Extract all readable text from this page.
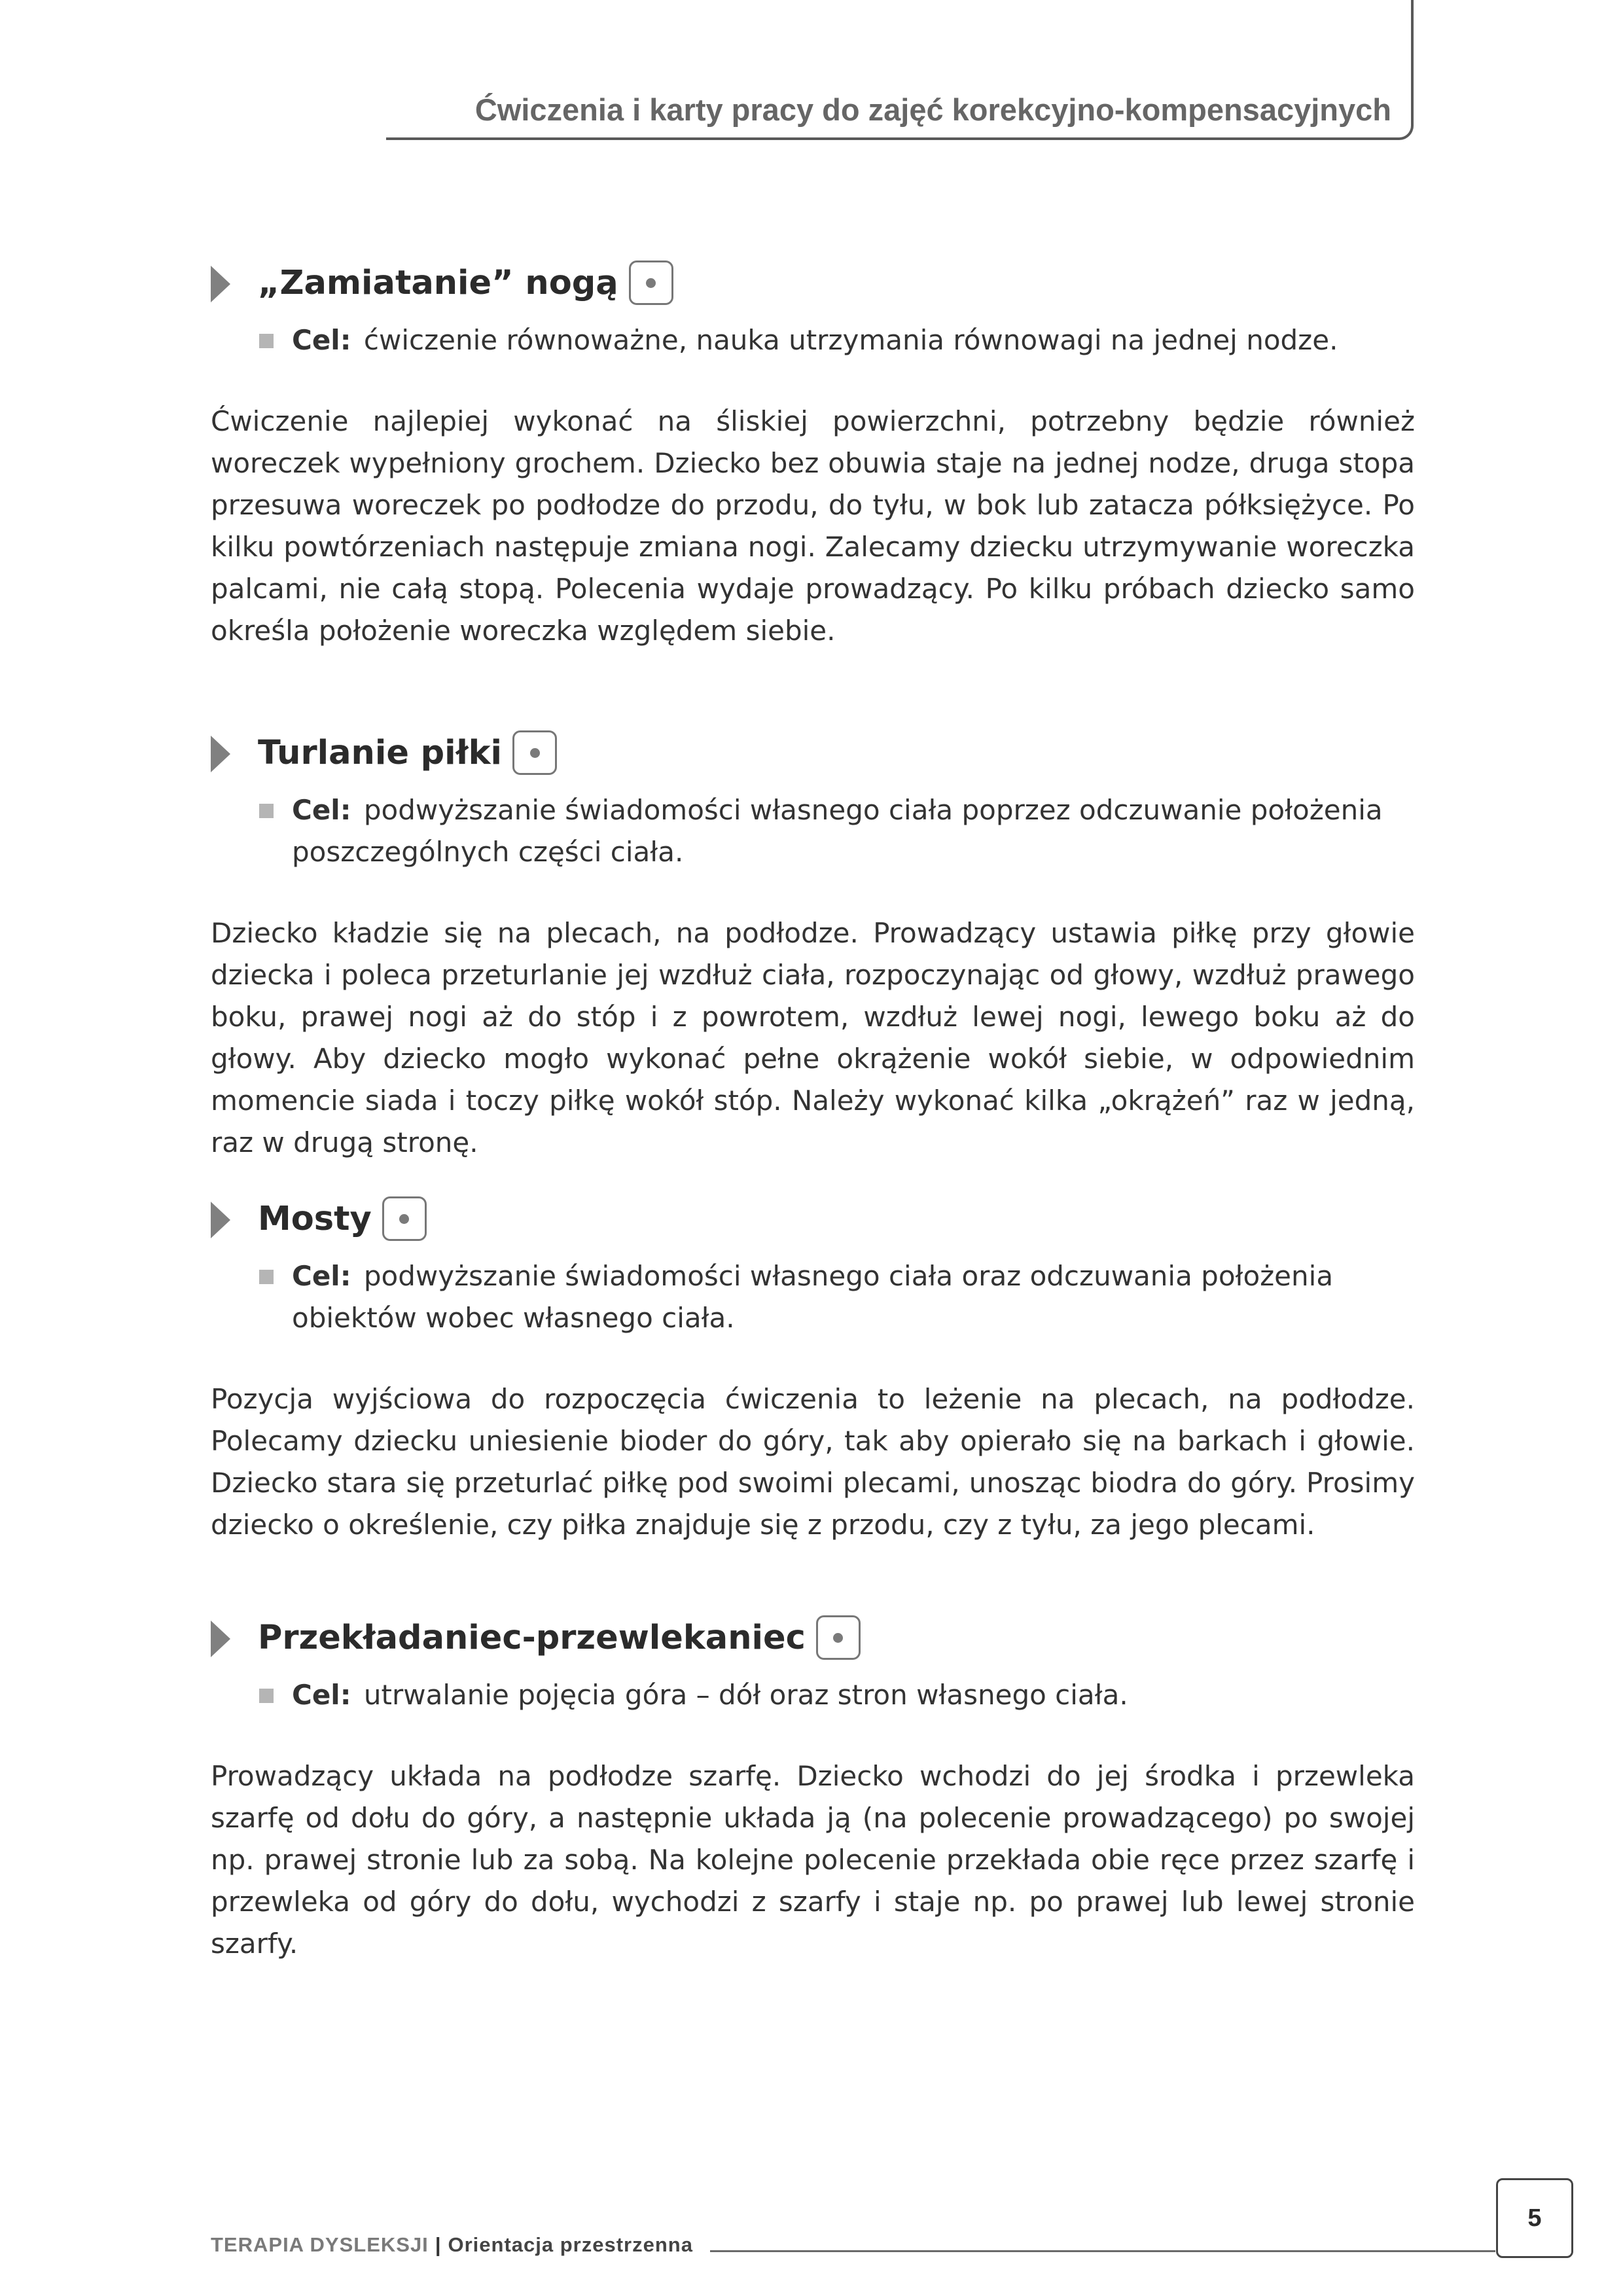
Ćwiczenia i karty pracy do zajęć korekcyjno-kompensacyjnych
„Zamiatanie” nogą
Cel: ćwiczenie równoważne, nauka utrzymania równowagi na jednej nodze.
Ćwiczenie najlepiej wykonać na śliskiej powierzchni, potrzebny będzie również woreczek wypełniony grochem. Dziecko bez obuwia staje na jednej nodze, druga stopa przesuwa woreczek po podłodze do przodu, do tyłu, w bok lub zatacza półksiężyce. Po kilku powtórzeniach następuje zmiana nogi. Zalecamy dziecku utrzymywanie woreczka palcami, nie całą stopą. Polecenia wydaje prowadzący. Po kilku próbach dziecko samo określa położenie woreczka względem siebie.
Turlanie piłki
Cel: podwyższanie świadomości własnego ciała poprzez odczuwanie położenia poszczególnych części ciała.
Dziecko kładzie się na plecach, na podłodze. Prowadzący ustawia piłkę przy głowie dziecka i poleca przeturlanie jej wzdłuż ciała, rozpoczynając od głowy, wzdłuż prawego boku, prawej nogi aż do stóp i z powrotem, wzdłuż lewej nogi, lewego boku aż do głowy. Aby dziecko mogło wykonać pełne okrążenie wokół siebie, w odpowiednim momencie siada i toczy piłkę wokół stóp. Należy wykonać kilka „okrążeń” raz w jedną, raz w drugą stronę.
Mosty
Cel: podwyższanie świadomości własnego ciała oraz odczuwania położenia obiektów wobec własnego ciała.
Pozycja wyjściowa do rozpoczęcia ćwiczenia to leżenie na plecach, na podłodze. Polecamy dziecku uniesienie bioder do góry, tak aby opierało się na barkach i głowie. Dziecko stara się przeturlać piłkę pod swoimi plecami, unosząc biodra do góry. Prosimy dziecko o określenie, czy piłka znajduje się z przodu, czy z tyłu, za jego plecami.
Przekładaniec-przewlekaniec
Cel: utrwalanie pojęcia góra – dół oraz stron własnego ciała.
Prowadzący układa na podłodze szarfę. Dziecko wchodzi do jej środka i przewleka szarfę od dołu do góry, a następnie układa ją (na polecenie prowadzącego) po swojej np. prawej stronie lub za sobą. Na kolejne polecenie przekłada obie ręce przez szarfę i przewleka od góry do dołu, wychodzi z szarfy i staje np. po prawej lub lewej stronie szarfy.
TERAPIA DYSLEKSJI | Orientacja przestrzenna
5
